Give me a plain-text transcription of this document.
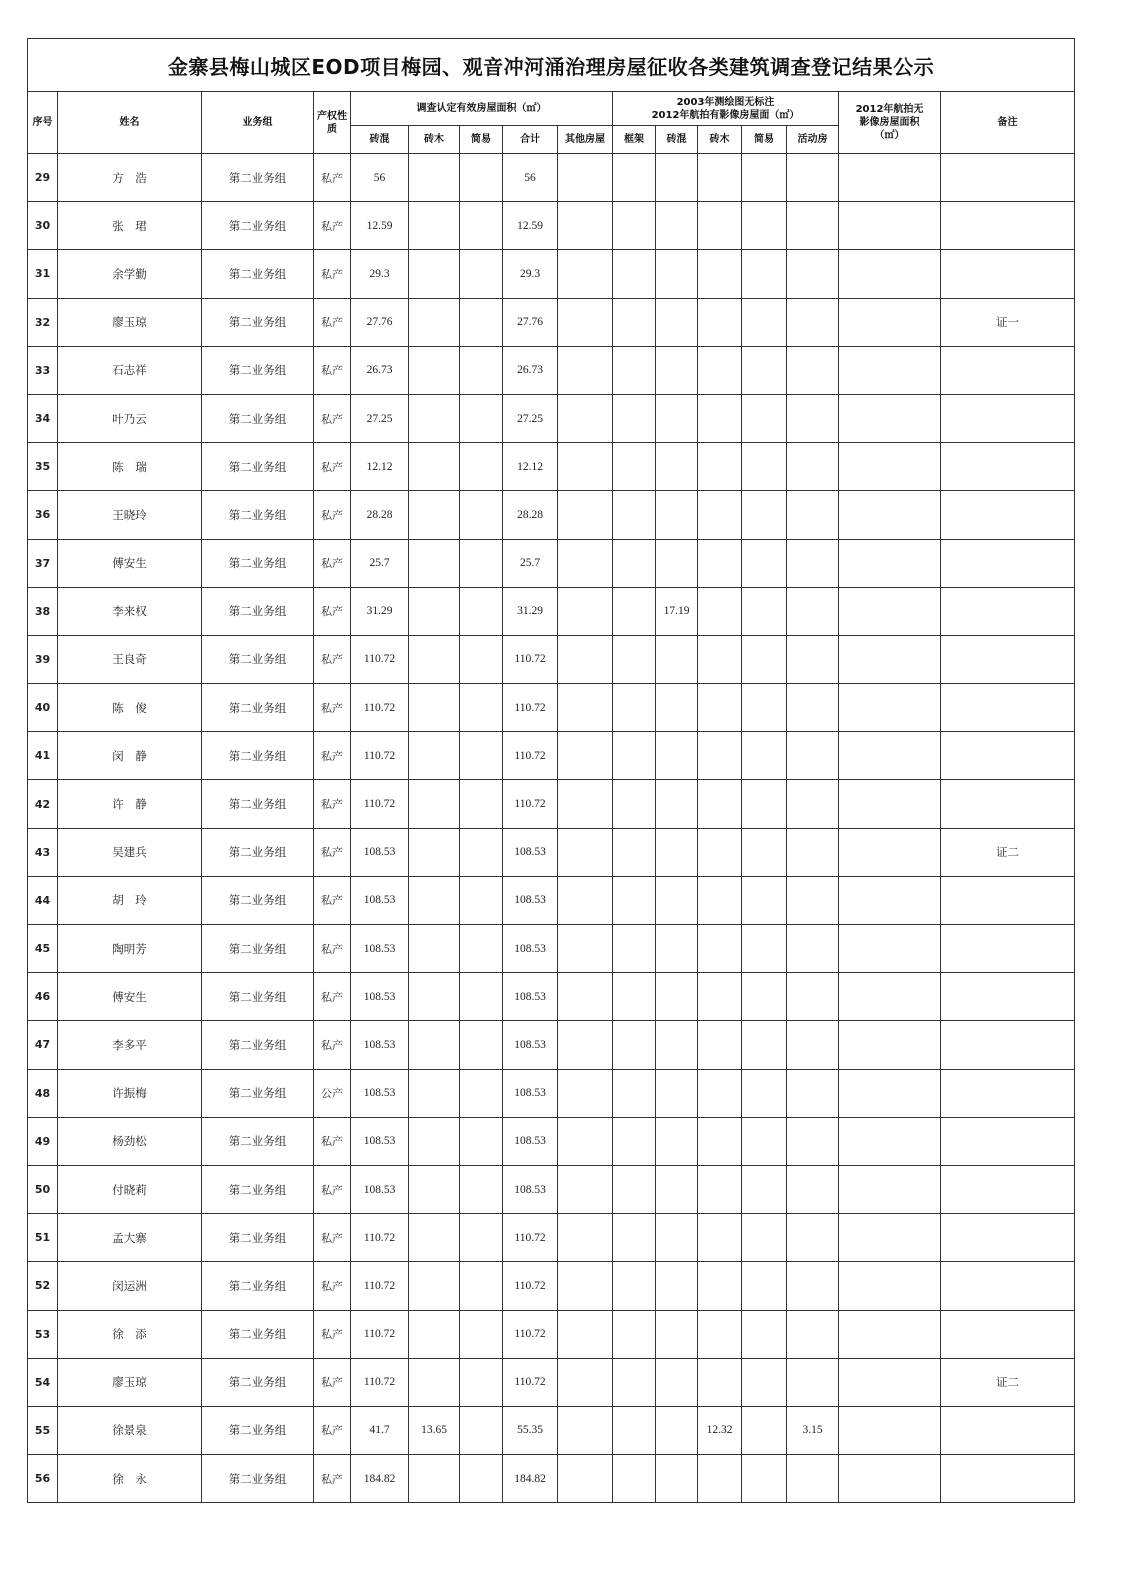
金寨县梅山城区EOD项目梅园、观音冲河涌治理房屋征收各类建筑调查登记结果公示															
序号	姓名	业务组	产权性质	调查认定有效房屋面积（㎡）					2003年测绘图无标注
2012年航拍有影像房屋面（㎡）					2012年航拍无影像房屋面积（㎡）	备注
				砖混	砖木	简易	合计	其他房屋	框架	砖混	砖木	简易	活动房		
29	方　浩	第二业务组	私产	56			56								
30	张　珺	第二业务组	私产	12.59			12.59								
31	余学勤	第二业务组	私产	29.3			29.3								
32	廖玉琼	第二业务组	私产	27.76			27.76								证一
33	石志祥	第二业务组	私产	26.73			26.73								
34	叶乃云	第二业务组	私产	27.25			27.25								
35	陈　瑞	第二业务组	私产	12.12			12.12								
36	王晓玲	第二业务组	私产	28.28			28.28								
37	傅安生	第二业务组	私产	25.7			25.7								
38	李来权	第二业务组	私产	31.29			31.29			17.19					
39	王良奇	第二业务组	私产	110.72			110.72								
40	陈　俊	第二业务组	私产	110.72			110.72								
41	闵　静	第二业务组	私产	110.72			110.72								
42	许　静	第二业务组	私产	110.72			110.72								
43	吴建兵	第二业务组	私产	108.53			108.53								证二
44	胡　玲	第二业务组	私产	108.53			108.53								
45	陶明芳	第二业务组	私产	108.53			108.53								
46	傅安生	第二业务组	私产	108.53			108.53								
47	李多平	第二业务组	私产	108.53			108.53								
48	许振梅	第二业务组	公产	108.53			108.53								
49	杨劲松	第二业务组	私产	108.53			108.53								
50	付晓莉	第二业务组	私产	108.53			108.53								
51	孟大寨	第二业务组	私产	110.72			110.72								
52	闵运洲	第二业务组	私产	110.72			110.72								
53	徐　添	第二业务组	私产	110.72			110.72								
54	廖玉琼	第二业务组	私产	110.72			110.72								证二
55	徐景泉	第二业务组	私产	41.7	13.65		55.35				12.32		3.15		
56	徐　永	第二业务组	私产	184.82			184.82								
